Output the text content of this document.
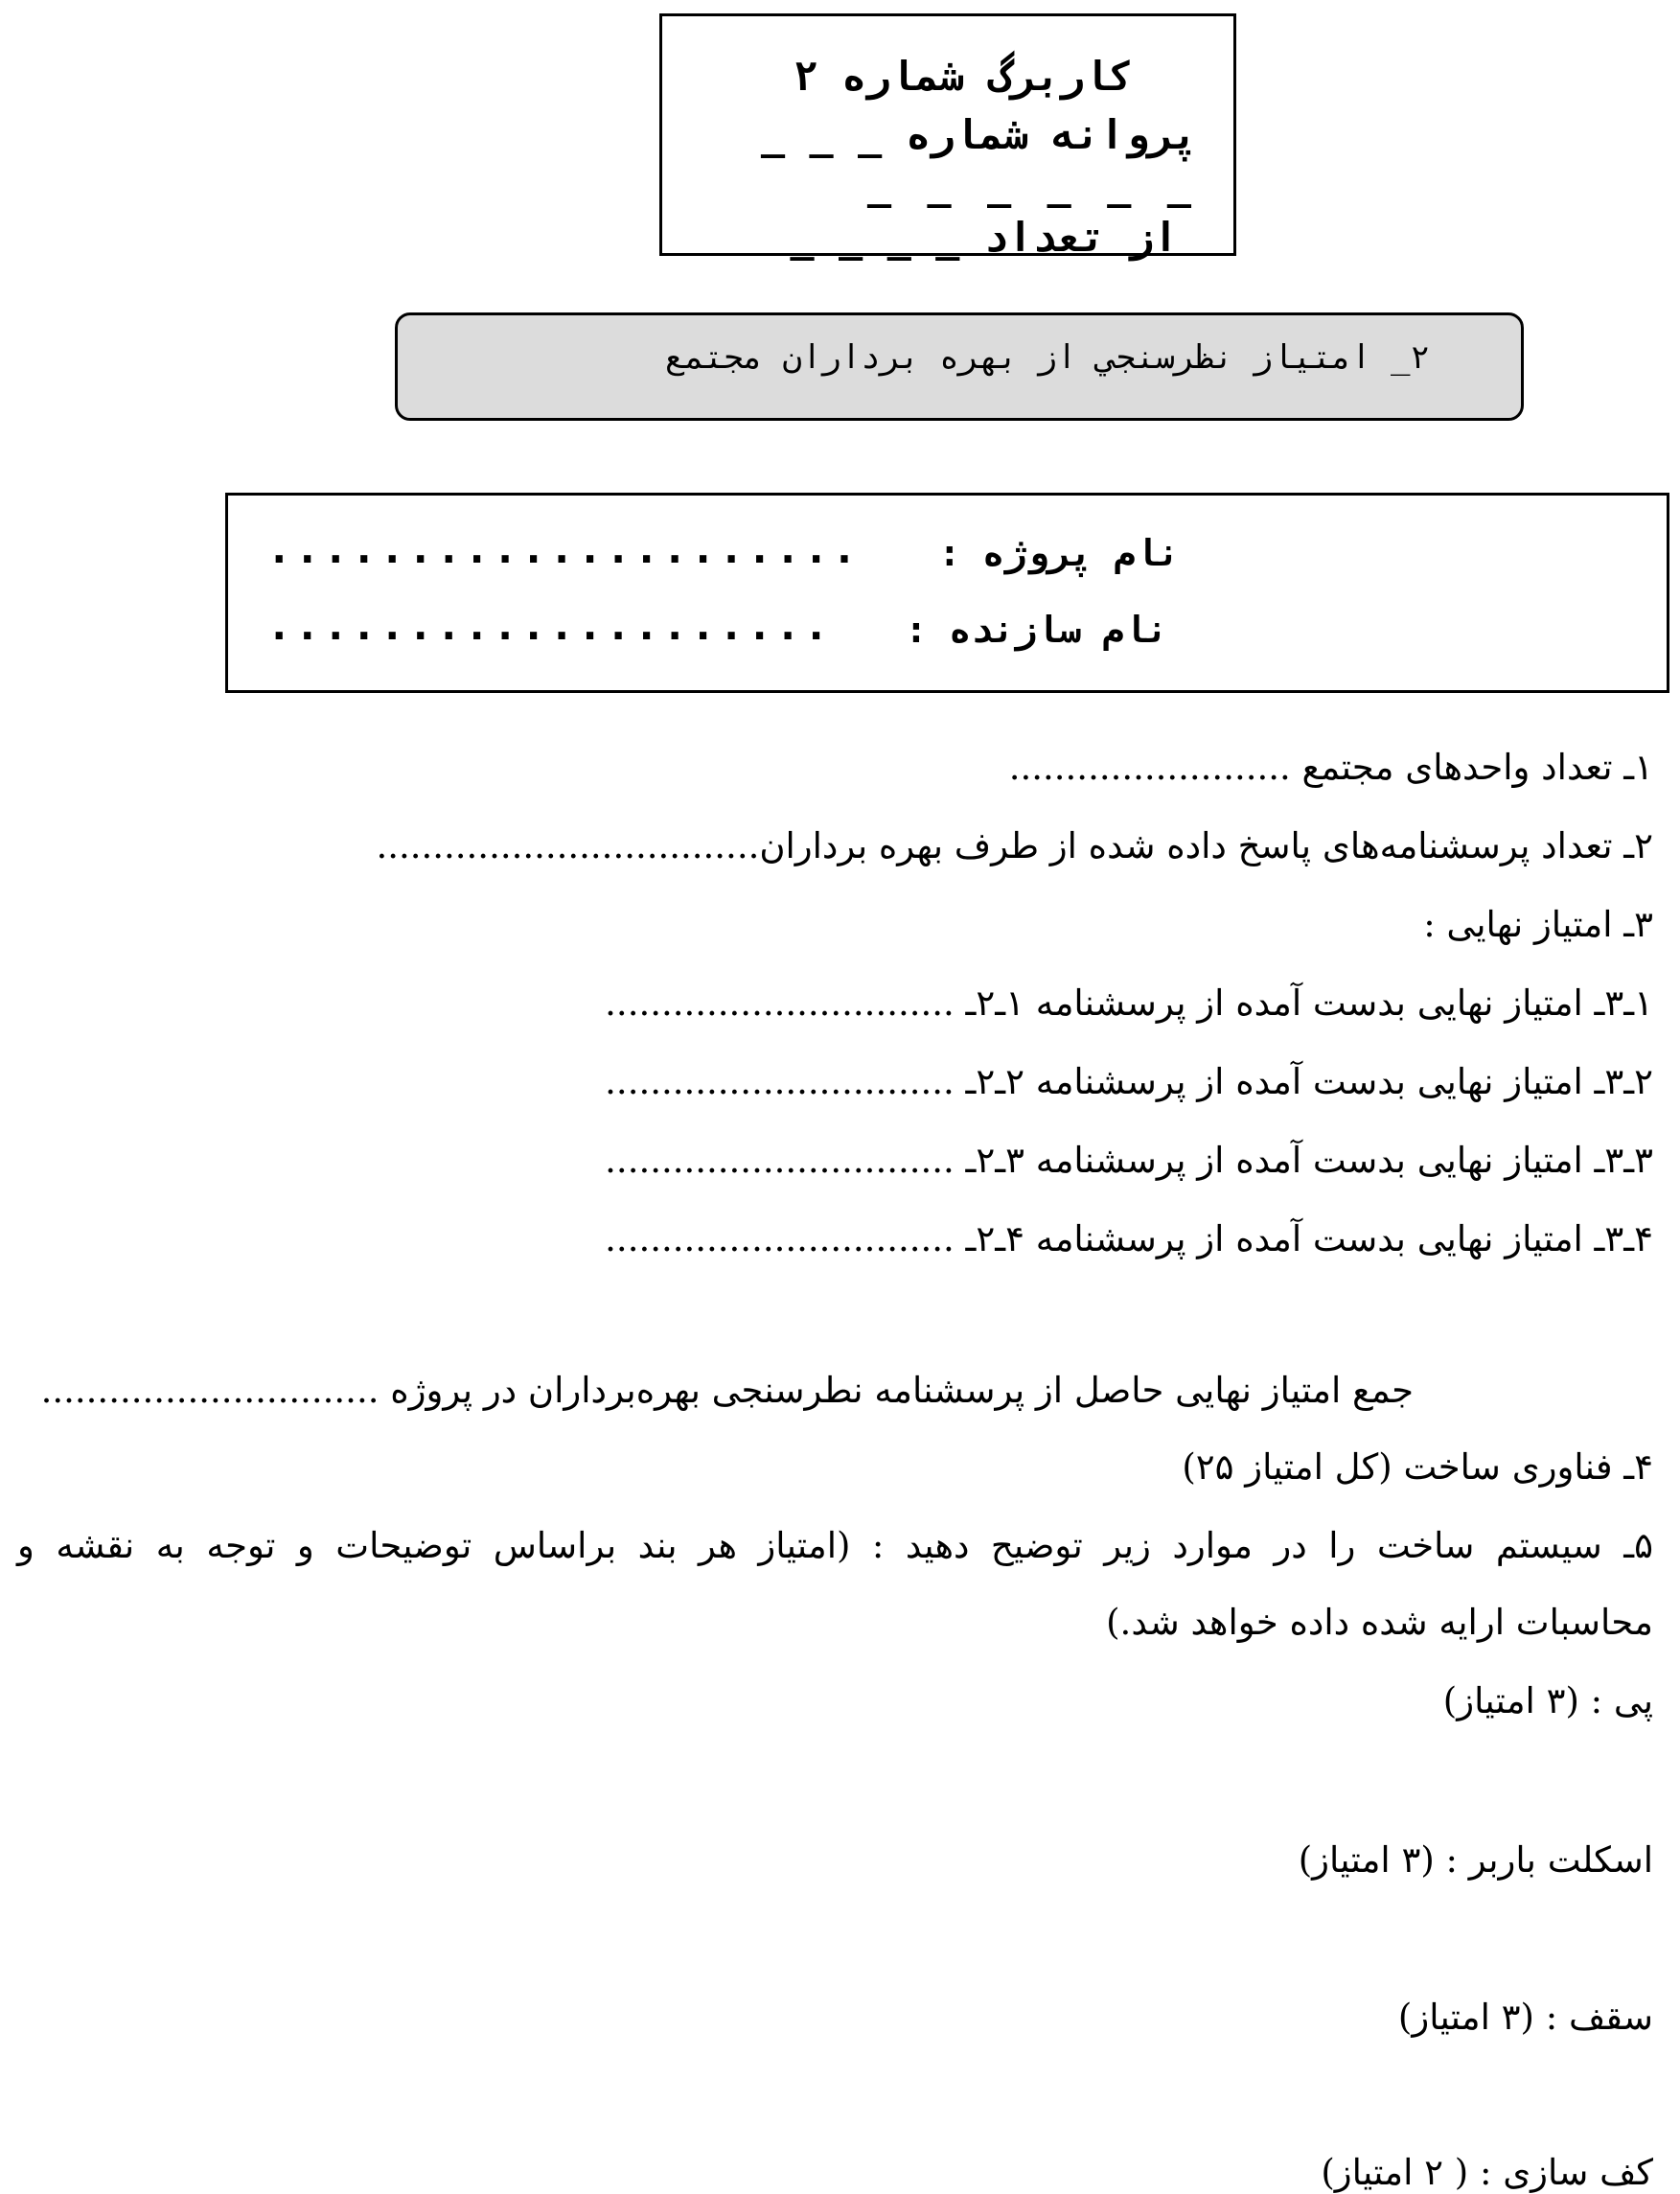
کاربرگ شماره ۲
پروانه شماره _ _ _
_ _ _ _ _ _
از تعداد _ _ _ _
۲_ امتیاز نظرسنجي از بهره برداران مجتمع
نام پروژه :
.....................
نام سازنده :
....................
۱ـ تعداد واحدهای مجتمع .........................
۲ـ تعداد پرسشنامه‌های پاسخ داده شده از طرف بهره برداران..................................
۳ـ امتیاز نهایی :
۱ـ۳ـ امتیاز نهایی بدست آمده از پرسشنامه ۱ـ۲ـ ...............................
۲ـ۳ـ امتیاز نهایی بدست آمده از پرسشنامه ۲ـ۲ـ ...............................
۳ـ۳ـ امتیاز نهایی بدست آمده از پرسشنامه ۳ـ۲ـ ...............................
۴ـ۳ـ امتیاز نهایی بدست آمده از پرسشنامه ۴ـ۲ـ ...............................
جمع امتیاز نهایی حاصل از پرسشنامه نطرسنجی بهره‌برداران در پروژه ..............................
۴ـ فناوری ساخت (کل امتیاز ۲۵)
۵ـ سیستم ساخت را در موارد زیر توضیح دهید : (امتیاز هر بند براساس توضیحات و توجه به نقشه و
محاسبات ارایه شده داده خواهد شد.)
پی : (۳ امتیاز)
اسکلت باربر : (۳ امتیاز)
سقف : (۳ امتیاز)
کف سازی : ( ۲ امتیاز)
